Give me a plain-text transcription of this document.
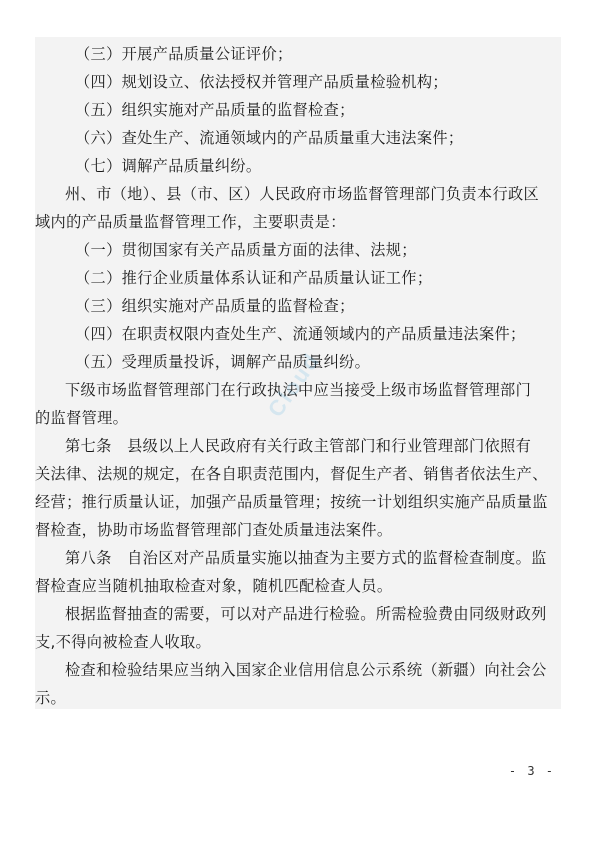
（三）开展产品质量公证评价；
（四）规划设立、依法授权并管理产品质量检验机构；
（五）组织实施对产品质量的监督检查；
（六）查处生产、流通领域内的产品质量重大违法案件；
（七）调解产品质量纠纷。
州、市（地）、县（市、区）人民政府市场监督管理部门负责本行政区
域内的产品质量监督管理工作，主要职责是：
（一）贯彻国家有关产品质量方面的法律、法规；
（二）推行企业质量体系认证和产品质量认证工作；
（三）组织实施对产品质量的监督检查；
（四）在职责权限内查处生产、流通领域内的产品质量违法案件；
（五）受理质量投诉，调解产品质量纠纷。
下级市场监督管理部门在行政执法中应当接受上级市场监督管理部门
的监督管理。
第七条　县级以上人民政府有关行政主管部门和行业管理部门依照有
关法律、法规的规定，在各自职责范围内，督促生产者、销售者依法生产、
经营；推行质量认证，加强产品质量管理；按统一计划组织实施产品质量监
督检查，协助市场监督管理部门查处质量违法案件。
第八条　自治区对产品质量实施以抽查为主要方式的监督检查制度。监
督检查应当随机抽取检查对象，随机匹配检查人员。
根据监督抽查的需要，可以对产品进行检验。所需检验费由同级财政列
支,不得向被检查人收取。
检查和检验结果应当纳入国家企业信用信息公示系统（新疆）向社会公
示。
Cloud
- 3 -
